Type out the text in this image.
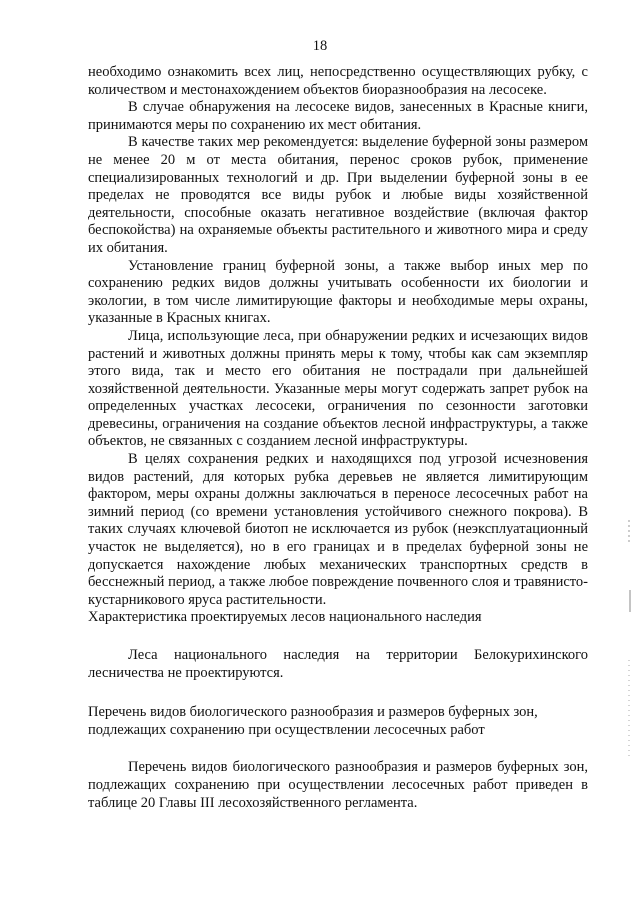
18

необходимо ознакомить всех лиц, непосредственно осуществляющих рубку, с количеством и местонахождением объектов биоразнообразия на лесосеке.

В случае обнаружения на лесосеке видов, занесенных в Красные книги, принимаются меры по сохранению их мест обитания.

В качестве таких мер рекомендуется: выделение буферной зоны размером не менее 20 м от места обитания, перенос сроков рубок, применение специализированных технологий и др. При выделении буферной зоны в ее пределах не проводятся все виды рубок и любые виды хозяйственной деятельности, способные оказать негативное воздействие (включая фактор беспокойства) на охраняемые объекты растительного и животного мира и среду их обитания.

Установление границ буферной зоны, а также выбор иных мер по сохранению редких видов должны учитывать особенности их биологии и экологии, в том числе лимитирующие факторы и необходимые меры охраны, указанные в Красных книгах.

Лица, использующие леса, при обнаружении редких и исчезающих видов растений и животных должны принять меры к тому, чтобы как сам экземпляр этого вида, так и место его обитания не пострадали при дальнейшей хозяйственной деятельности. Указанные меры могут содержать запрет рубок на определенных участках лесосеки, ограничения по сезонности заготовки древесины, ограничения на создание объектов лесной инфраструктуры, а также объектов, не связанных с созданием лесной инфраструктуры.

В целях сохранения редких и находящихся под угрозой исчезновения видов растений, для которых рубка деревьев не является лимитирующим фактором, меры охраны должны заключаться в переносе лесосечных работ на зимний период (со времени установления устойчивого снежного покрова). В таких случаях ключевой биотоп не исключается из рубок (неэксплуатационный участок не выделяется), но в его границах и в пределах буферной зоны не допускается нахождение любых механических транспортных средств в бесснежный период, а также любое повреждение почвенного слоя и травянисто-кустарникового яруса растительности.

Характеристика проектируемых лесов национального наследия

Леса национального наследия на территории Белокурихинского лесничества не проектируются.

Перечень видов биологического разнообразия и размеров буферных зон,

подлежащих сохранению при осуществлении лесосечных работ

Перечень видов биологического разнообразия и размеров буферных зон, подлежащих сохранению при осуществлении лесосечных работ приведен в таблице 20 Главы III лесохозяйственного регламента.
